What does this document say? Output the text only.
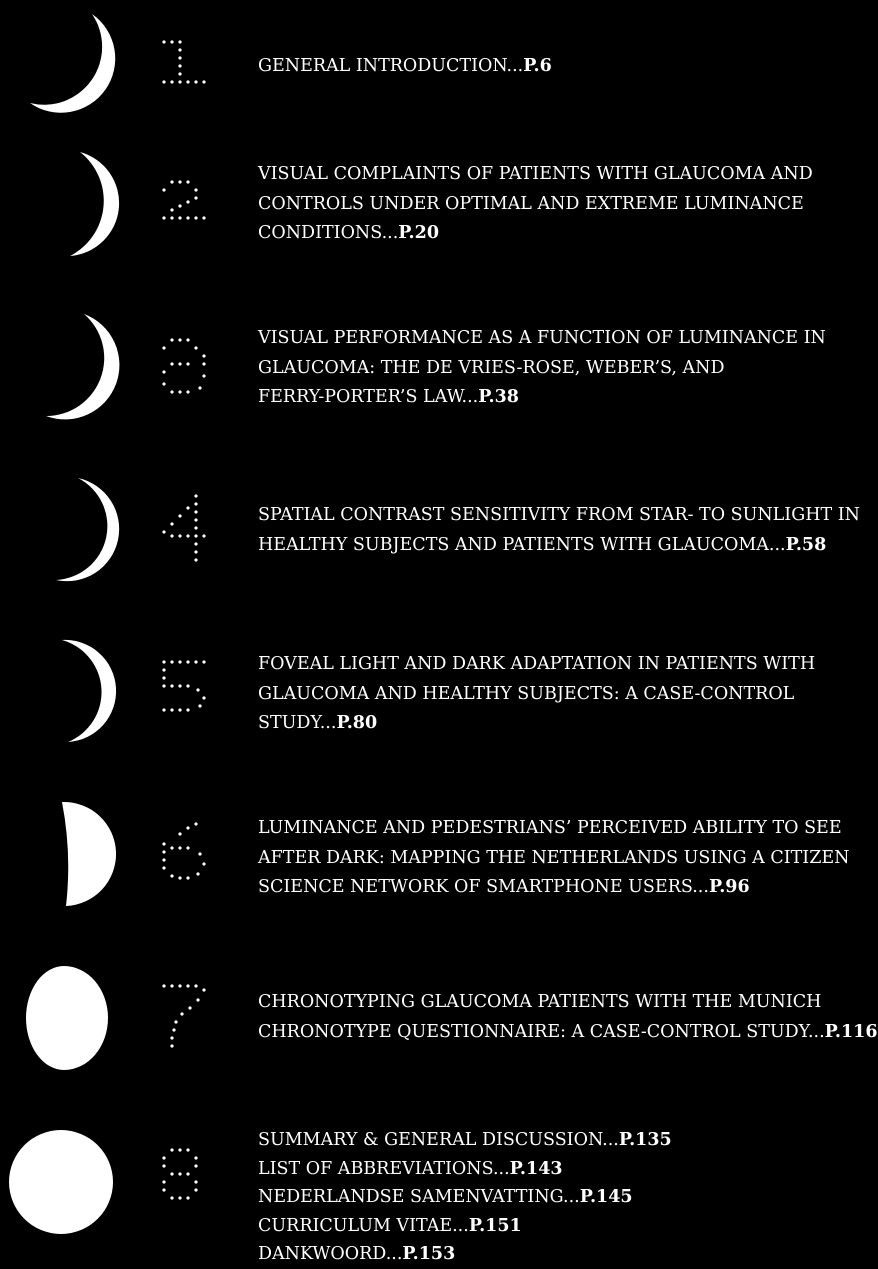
GENERAL INTRODUCTION...P.6
VISUAL COMPLAINTS OF PATIENTS WITH GLAUCOMA AND
CONTROLS UNDER OPTIMAL AND EXTREME LUMINANCE
CONDITIONS...P.20
VISUAL PERFORMANCE AS A FUNCTION OF LUMINANCE IN
GLAUCOMA: THE DE VRIES-ROSE, WEBER’S, AND
FERRY-PORTER’S LAW...P.38
SPATIAL CONTRAST SENSITIVITY FROM STAR- TO SUNLIGHT IN
HEALTHY SUBJECTS AND PATIENTS WITH GLAUCOMA...P.58
FOVEAL LIGHT AND DARK ADAPTATION IN PATIENTS WITH
GLAUCOMA AND HEALTHY SUBJECTS: A CASE-CONTROL
STUDY...P.80
LUMINANCE AND PEDESTRIANS’ PERCEIVED ABILITY TO SEE
AFTER DARK: MAPPING THE NETHERLANDS USING A CITIZEN
SCIENCE NETWORK OF SMARTPHONE USERS...P.96
CHRONOTYPING GLAUCOMA PATIENTS WITH THE MUNICH
CHRONOTYPE QUESTIONNAIRE: A CASE-CONTROL STUDY...P.116
SUMMARY & GENERAL DISCUSSION...P.135
LIST OF ABBREVIATIONS...P.143
NEDERLANDSE SAMENVATTING...P.145
CURRICULUM VITAE...P.151
DANKWOORD...P.153
